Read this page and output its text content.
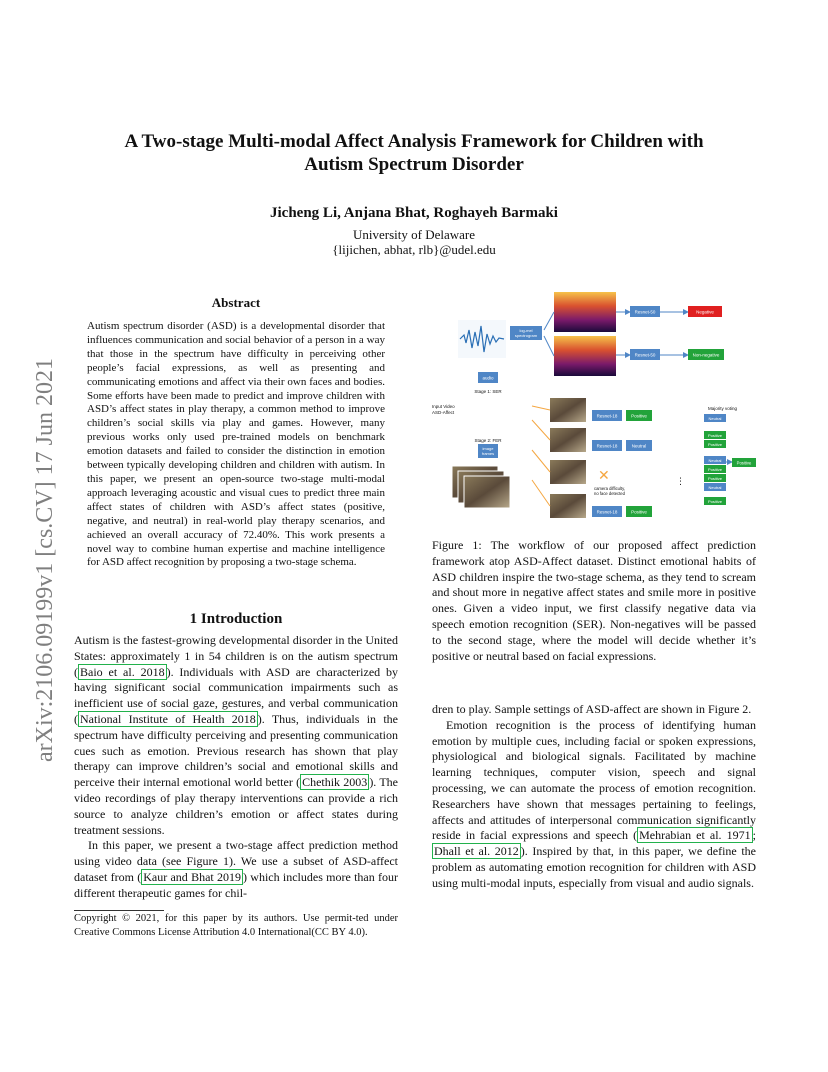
arXiv:2106.09199v1 [cs.CV] 17 Jun 2021
A Two-stage Multi-modal Affect Analysis Framework for Children with
Autism Spectrum Disorder
Jicheng Li, Anjana Bhat, Roghayeh Barmaki
University of Delaware
{lijichen, abhat, rlb}@udel.edu
Abstract
Autism spectrum disorder (ASD) is a developmental disorder that influences communication and social behavior of a person in a way that those in the spectrum have difficulty in perceiving other people’s facial expressions, as well as presenting and communicating emotions and affect via their own faces and bodies. Some efforts have been made to predict and improve children with ASD’s affect states in play therapy, a common method to improve children’s social skills via play and games. However, many previous works only used pre-trained models on benchmark emotion datasets and failed to consider the distinction in emotion between typically developing children and children with autism. In this paper, we present an open-source two-stage multi-modal approach leveraging acoustic and visual cues to predict three main affect states of children with ASD’s affect states (positive, negative, and neutral) in real-world play therapy scenarios, and achieved an overall accuracy of 72.40%. This work presents a novel way to combine human expertise and machine intelligence for ASD affect recognition by proposing a two-stage schema.
1 Introduction

Autism is the fastest-growing developmental disorder in the United States: approximately 1 in 54 children is on the autism spectrum ( Baio et al. 2018 ). Individuals with ASD are characterized by having significant social communication impairments such as inefficient use of social gaze, gestures, and verbal communication ( National Institute of Health 2018 ). Thus, individuals in the spectrum have difficulty perceiving and presenting communication cues such as emotion. Previous research has shown that play therapy can improve children’s social and emotional skills and perceive their internal emotional world better ( Chethik 2003 ). The video recordings of play therapy interventions can provide a rich source to analyze children’s emotion or affect states during treatment sessions.

In this paper, we present a two-stage affect prediction method using video data (see Figure 1). We use a subset of ASD-affect dataset from ( Kaur and Bhat 2019 ) which includes more than four different therapeutic games for chil-

Copyright © 2021, for this paper by its authors. Use permit-ted under Creative Commons License Attribution 4.0 International(CC BY 4.0).
log-mel
spectrogram
Resnet-50	Negative
Resnet-50	Non-negative
audio
Stage 1: SER
Input Video
ASD-Affect
Stage 2: FER
image
frames
Resnet-18	Positive
Resnet-18	Neutral
✕
camera difficulty,
no face detected
⋮
Resnet-18	Positive
Majority voting
Neutral
Positive
Positive
Neutral
Positive
Positive
Neutral
Positive
Positive
Figure 1: The workflow of our proposed affect prediction framework atop ASD-Affect dataset. Distinct emotional habits of ASD children inspire the two-stage schema, as they tend to scream and shout more in negative affect states and smile more in positive ones. Given a video input, we first classify negative data via speech emotion recognition (SER). Non-negatives will be passed to the second stage, where the model will decide whether it’s positive or neutral based on facial expressions.

dren to play. Sample settings of ASD-affect are shown in Figure 2.

Emotion recognition is the process of identifying human emotion by multiple cues, including facial or spoken expressions, physiological and biological signals. Facilitated by machine learning techniques, computer vision, speech and signal processing, we can automate the process of emotion recognition. Researchers have shown that messages pertaining to feelings, affects and attitudes of interpersonal communication significantly reside in facial expressions and speech ( Mehrabian et al. 1971 ; Dhall et al. 2012 ). Inspired by that, in this paper, we define the problem as automating emotion recognition for children with ASD using multi-modal inputs, especially from visual and audio signals.
